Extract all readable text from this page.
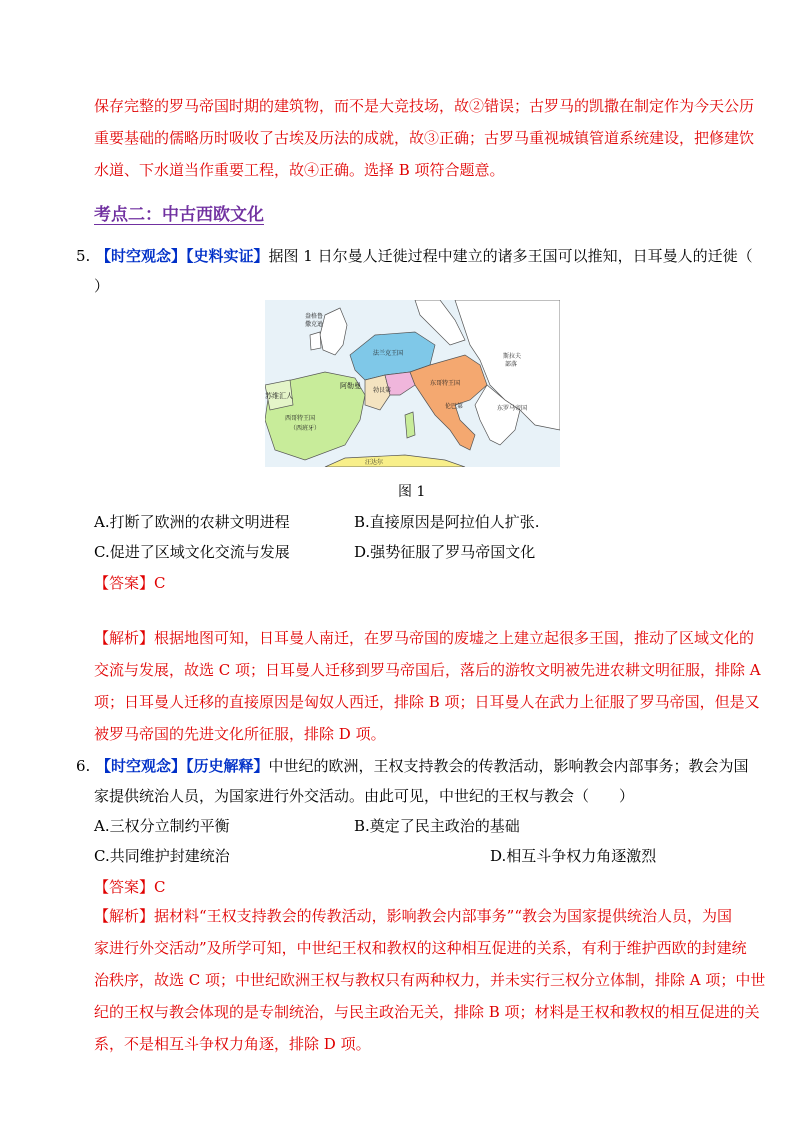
保存完整的罗马帝国时期的建筑物，而不是大竞技场，故②错误；古罗马的凯撒在制定作为今天公历
重要基础的儒略历时吸收了古埃及历法的成就，故③正确；古罗马重视城镇管道系统建设，把修建饮
水道、下水道当作重要工程，故④正确。选择 B 项符合题意。
考点二：中古西欧文化
5. 【时空观念】【史料实证】据图 1 日尔曼人迁徙过程中建立的诸多王国可以推知，日耳曼人的迁徙（
）
盎格鲁
撒克逊
法兰克王国
东哥特王国
西哥特王国
（西班牙）
斯拉夫
部落
东罗马帝国
勃艮第
伦巴第
苏维汇人
阿勒曼
汪达尔
图 1
A.打断了欧洲的农耕文明进程	B.直接原因是阿拉伯人扩张.
C.促进了区域文化交流与发展	D.强势征服了罗马帝国文化
【答案】C
【解析】根据地图可知，日耳曼人南迁，在罗马帝国的废墟之上建立起很多王国，推动了区域文化的
交流与发展，故选 C 项；日耳曼人迁移到罗马帝国后，落后的游牧文明被先进农耕文明征服，排除 A
项；日耳曼人迁移的直接原因是匈奴人西迁，排除 B 项；日耳曼人在武力上征服了罗马帝国，但是又
被罗马帝国的先进文化所征服，排除 D 项。
6. 【时空观念】【历史解释】中世纪的欧洲，王权支持教会的传教活动，影响教会内部事务；教会为国
家提供统治人员，为国家进行外交活动。由此可见，中世纪的王权与教会（　　）
A.三权分立制约平衡	B.奠定了民主政治的基础
C.共同维护封建统治	D.相互斗争权力角逐激烈
【答案】C
【解析】据材料“王权支持教会的传教活动，影响教会内部事务”“教会为国家提供统治人员，为国
家进行外交活动”及所学可知，中世纪王权和教权的这种相互促进的关系，有利于维护西欧的封建统
治秩序，故选 C 项；中世纪欧洲王权与教权只有两种权力，并未实行三权分立体制，排除 A 项；中世
纪的王权与教会体现的是专制统治，与民主政治无关，排除 B 项；材料是王权和教权的相互促进的关
系，不是相互斗争权力角逐，排除 D 项。
